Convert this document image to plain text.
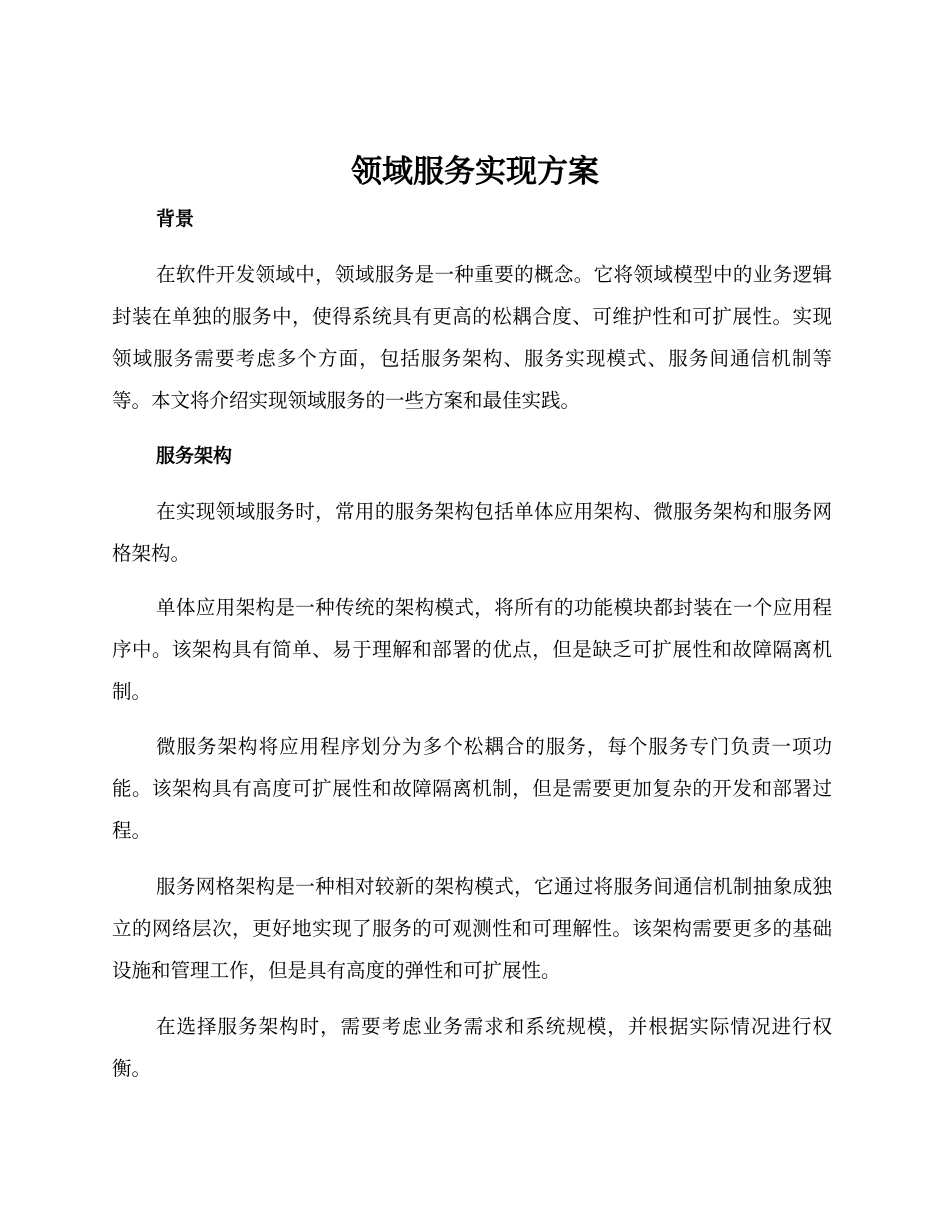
领域服务实现方案
背景

在软件开发领域中，领域服务是一种重要的概念。它将领域模型中的业务逻辑封装在单独的服务中，使得系统具有更高的松耦合度、可维护性和可扩展性。实现领域服务需要考虑多个方面，包括服务架构、服务实现模式、服务间通信机制等等。本文将介绍实现领域服务的一些方案和最佳实践。

服务架构

在实现领域服务时，常用的服务架构包括单体应用架构、微服务架构和服务网格架构。

单体应用架构是一种传统的架构模式，将所有的功能模块都封装在一个应用程序中。该架构具有简单、易于理解和部署的优点，但是缺乏可扩展性和故障隔离机制。

微服务架构将应用程序划分为多个松耦合的服务，每个服务专门负责一项功能。该架构具有高度可扩展性和故障隔离机制，但是需要更加复杂的开发和部署过程。

服务网格架构是一种相对较新的架构模式，它通过将服务间通信机制抽象成独立的网络层次，更好地实现了服务的可观测性和可理解性。该架构需要更多的基础设施和管理工作，但是具有高度的弹性和可扩展性。

在选择服务架构时，需要考虑业务需求和系统规模，并根据实际情况进行权衡。
